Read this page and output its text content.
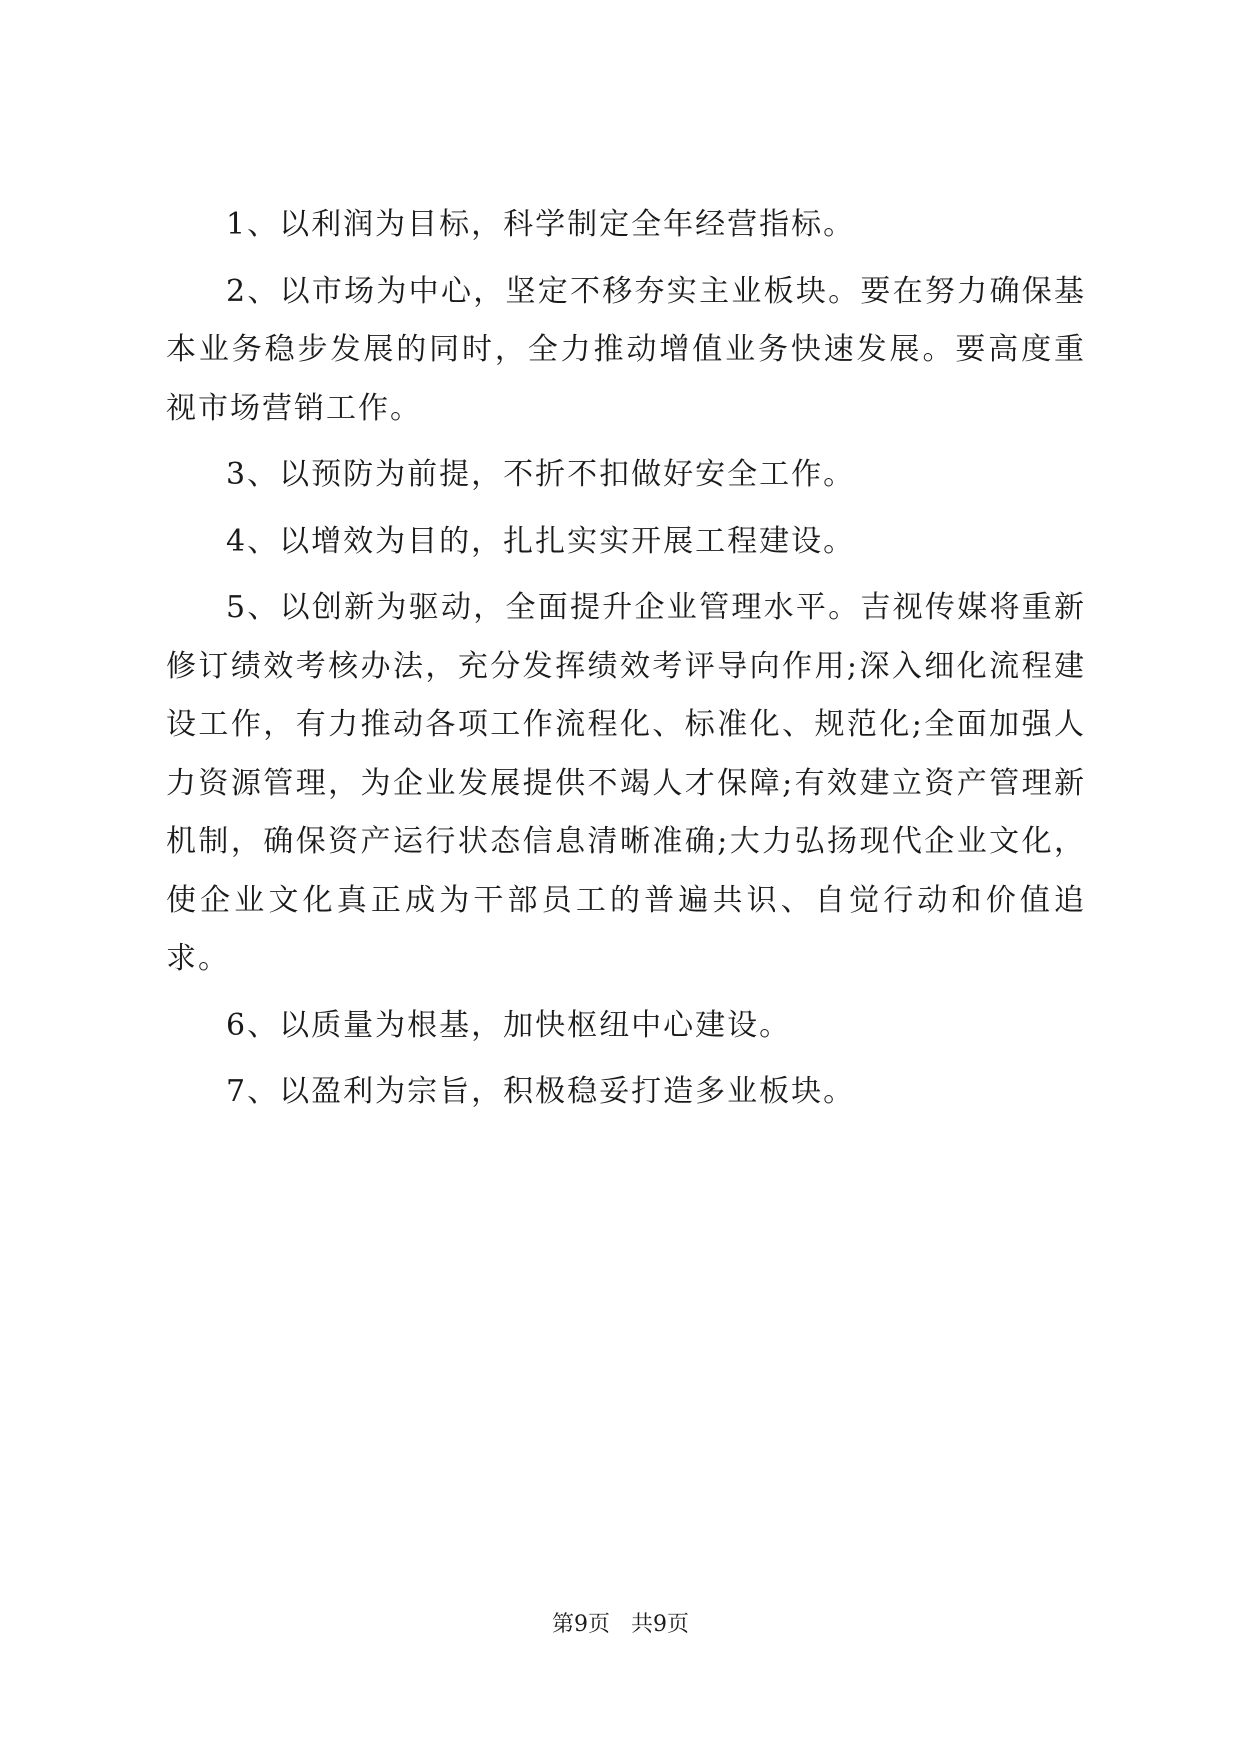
1、以利润为目标，科学制定全年经营指标。

2、以市场为中心，坚定不移夯实主业板块。要在努力确保基本业务稳步发展的同时，全力推动增值业务快速发展。要高度重视市场营销工作。

3、以预防为前提，不折不扣做好安全工作。

4、以增效为目的，扎扎实实开展工程建设。

5、以创新为驱动，全面提升企业管理水平。吉视传媒将重新修订绩效考核办法，充分发挥绩效考评导向作用;深入细化流程建设工作，有力推动各项工作流程化、标准化、规范化;全面加强人力资源管理，为企业发展提供不竭人才保障;有效建立资产管理新机制，确保资产运行状态信息清晰准确;大力弘扬现代企业文化，使企业文化真正成为干部员工的普遍共识、自觉行动和价值追求。

6、以质量为根基，加快枢纽中心建设。

7、以盈利为宗旨，积极稳妥打造多业板块。

第9页 共9页
